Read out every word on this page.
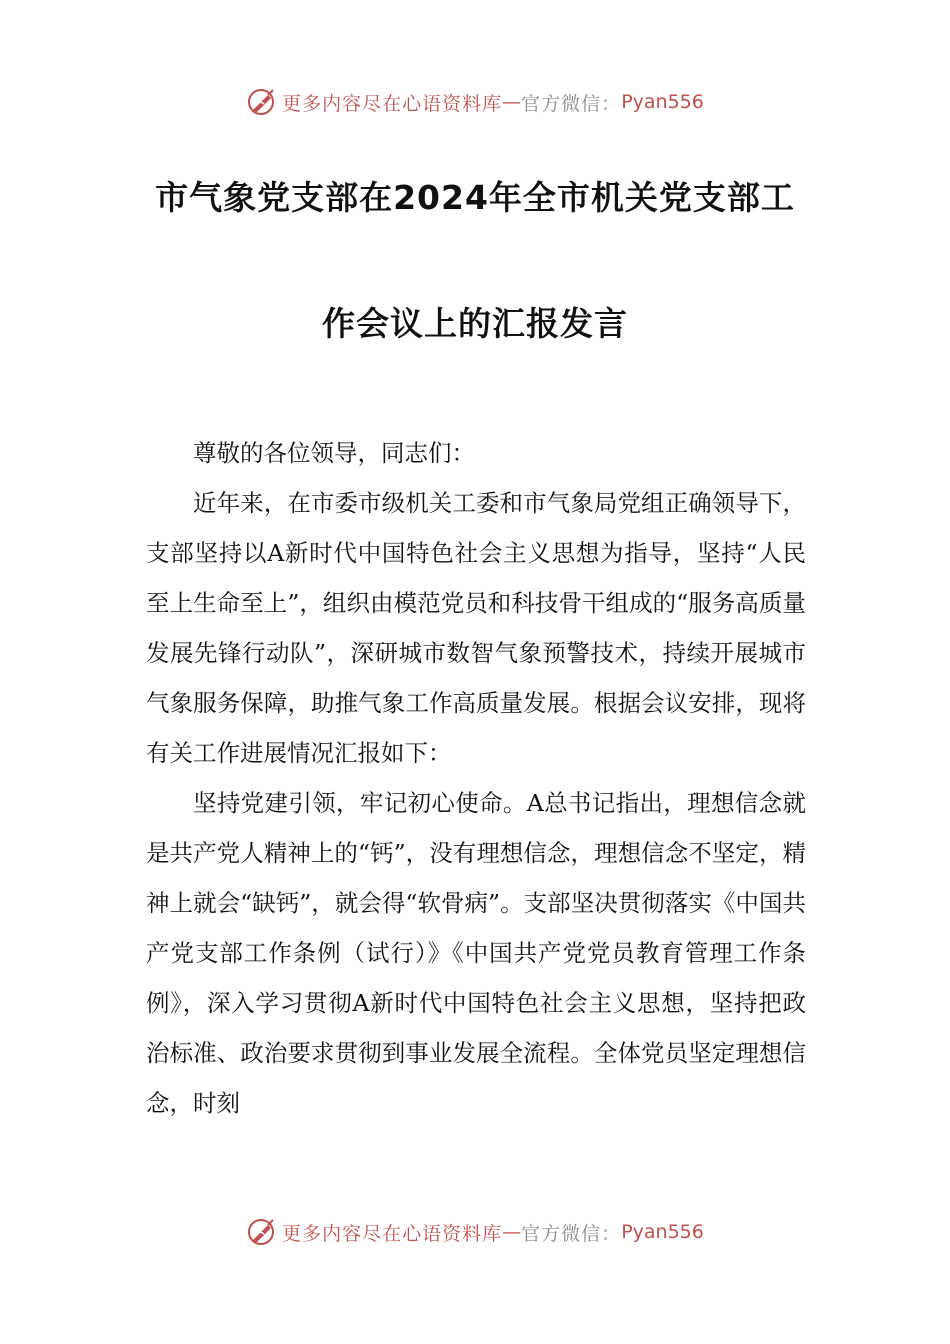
更多内容尽在心语资料库 — 官方微信： Pyan556
市气象党支部在2024年全市机关党支部工
作会议上的汇报发言

尊敬的各位领导，同志们：

近年来，在市委市级机关工委和市气象局党组正确领导下，支部坚持以A新时代中国特色社会主义思想为指导，坚持“人民至上生命至上”，组织由模范党员和科技骨干组成的“服务高质量发展先锋行动队”，深研城市数智气象预警技术，持续开展城市气象服务保障，助推气象工作高质量发展。根据会议安排，现将有关工作进展情况汇报如下：

坚持党建引领，牢记初心使命。A总书记指出，理想信念就是共产党人精神上的“钙”，没有理想信念，理想信念不坚定，精神上就会“缺钙”，就会得“软骨病”。支部坚决贯彻落实《中国共产党支部工作条例（试行）》《中国共产党党员教育管理工作条例》，深入学习贯彻A新时代中国特色社会主义思想，坚持把政治标准、政治要求贯彻到事业发展全流程。全体党员坚定理想信念，时刻

更多内容尽在心语资料库 — 官方微信： Pyan556
